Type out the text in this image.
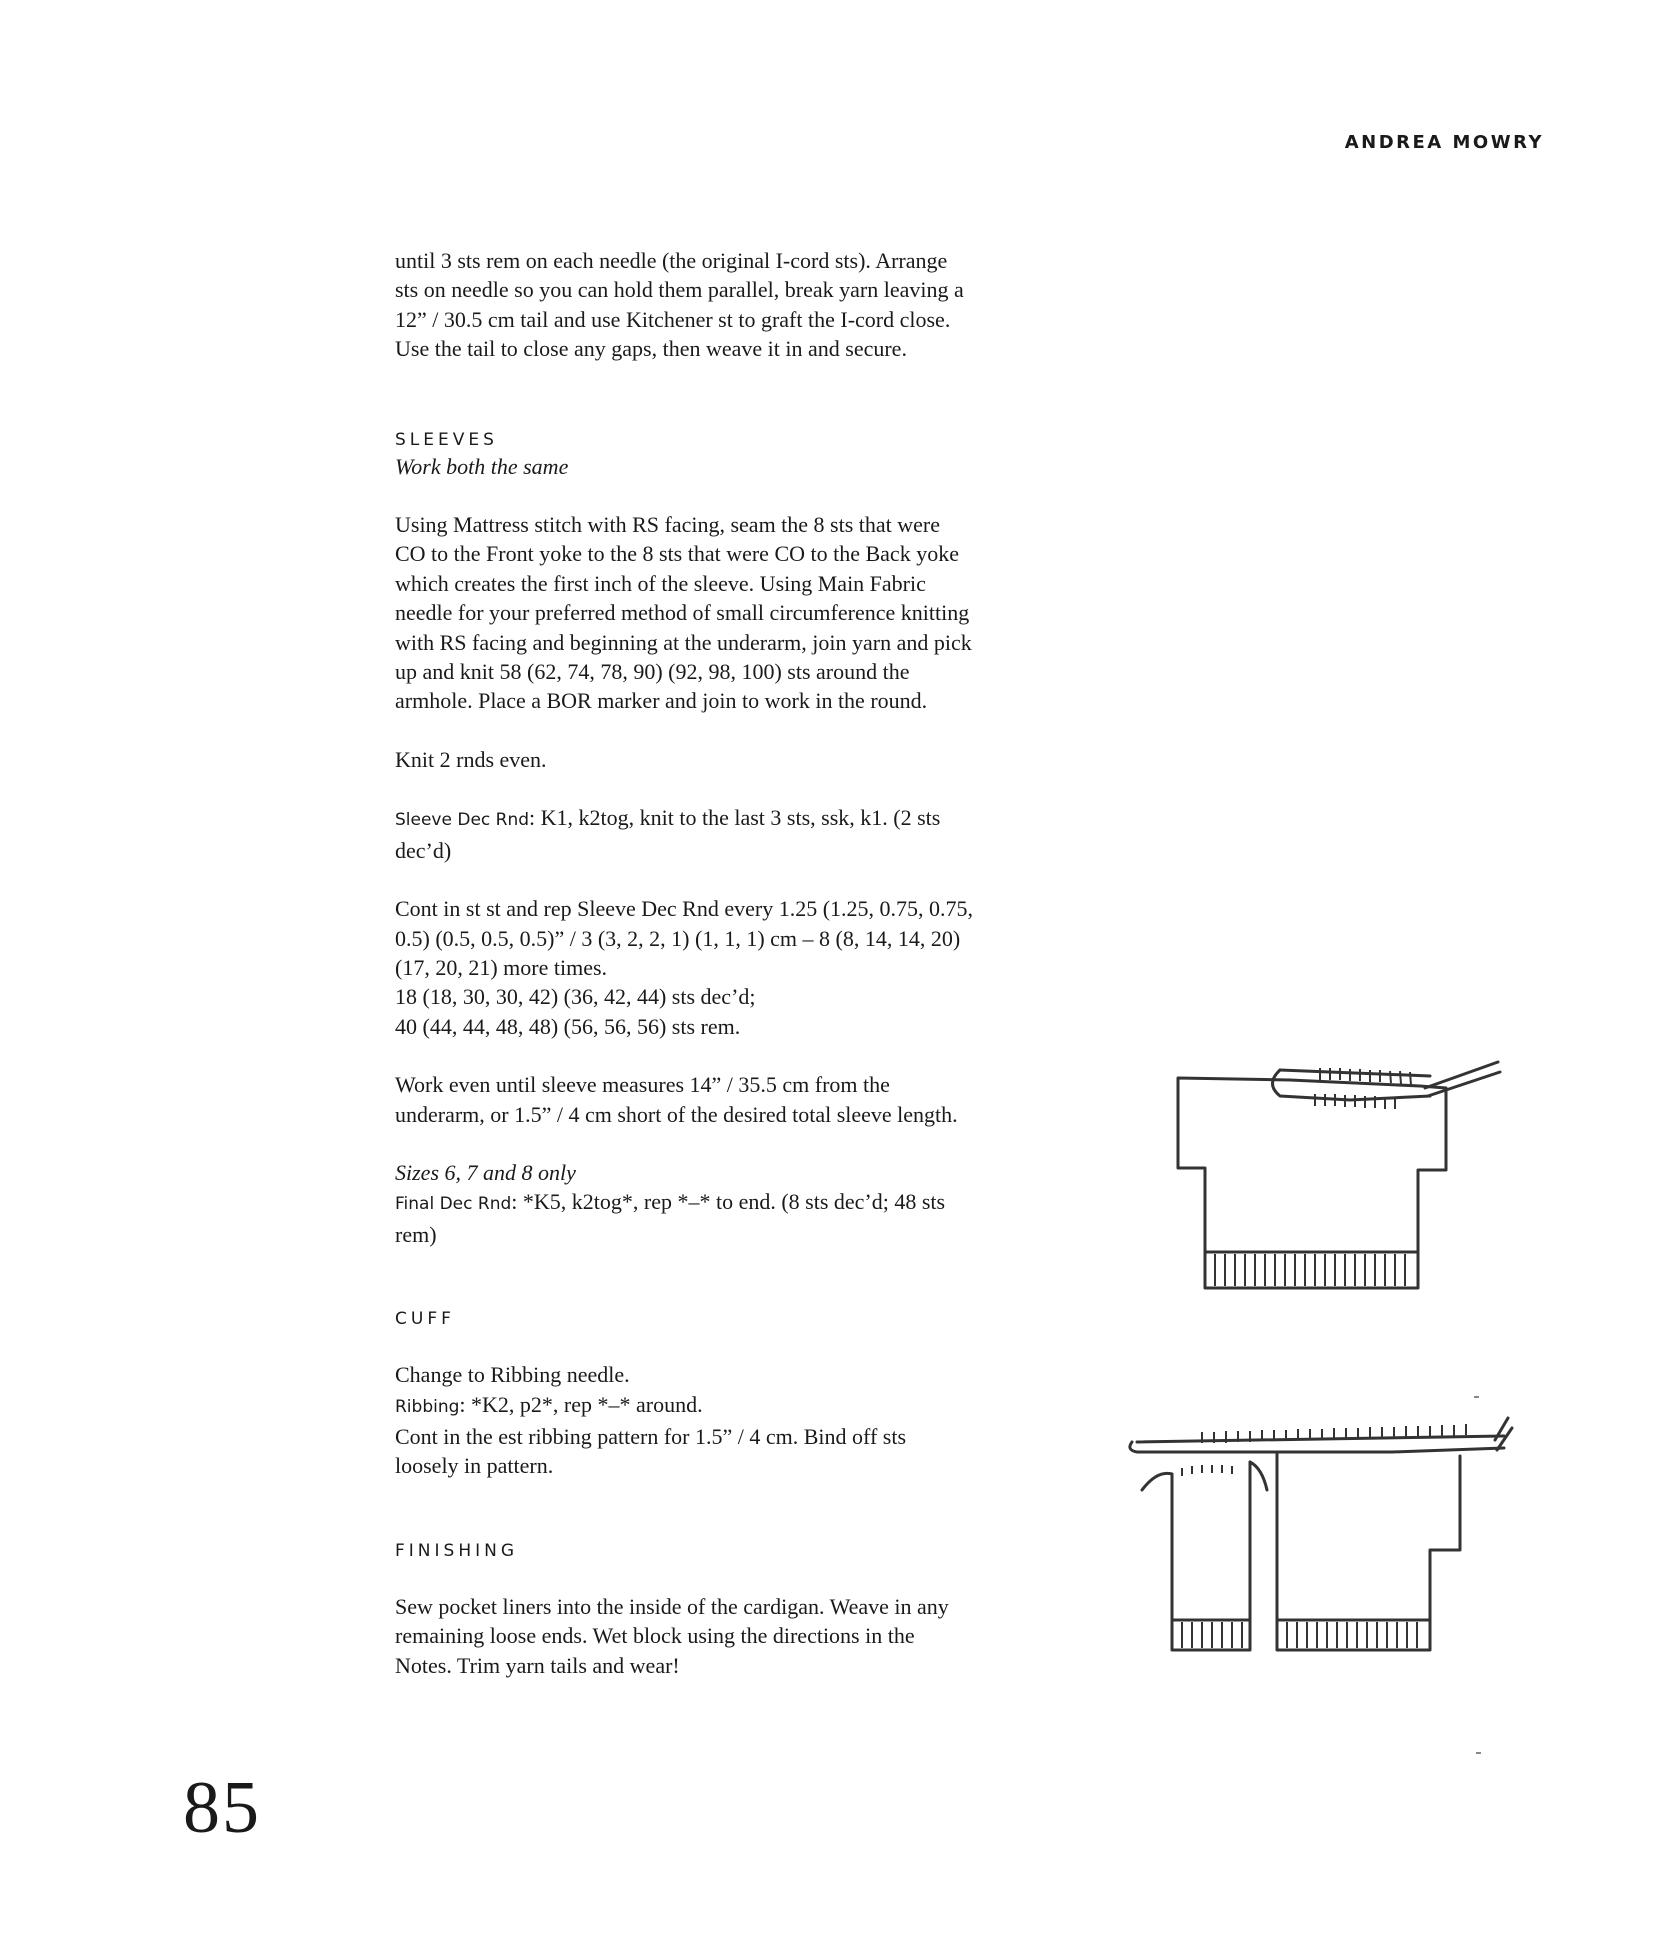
ANDREA MOWRY

until 3 sts rem on each needle (the original I-cord sts). Arrange sts on needle so you can hold them parallel, break yarn leaving a 12” / 30.5 cm tail and use Kitchener st to graft the I-cord close. Use the tail to close any gaps, then weave it in and secure.

SLEEVES

Work both the same

Using Mattress stitch with RS facing, seam the 8 sts that were CO to the Front yoke to the 8 sts that were CO to the Back yoke which creates the first inch of the sleeve. Using Main Fabric needle for your preferred method of small circumference knitting with RS facing and beginning at the underarm, join yarn and pick up and knit 58 (62, 74, 78, 90) (92, 98, 100) sts around the armhole. Place a BOR marker and join to work in the round.

Knit 2 rnds even.

Sleeve Dec Rnd: K1, k2tog, knit to the last 3 sts, ssk, k1. (2 sts dec’d)

Cont in st st and rep Sleeve Dec Rnd every 1.25 (1.25, 0.75, 0.75, 0.5) (0.5, 0.5, 0.5)” / 3 (3, 2, 2, 1) (1, 1, 1) cm – 8 (8, 14, 14, 20) (17, 20, 21) more times.

18 (18, 30, 30, 42) (36, 42, 44) sts dec’d;

40 (44, 44, 48, 48) (56, 56, 56) sts rem.

Work even until sleeve measures 14” / 35.5 cm from the underarm, or 1.5” / 4 cm short of the desired total sleeve length.

Sizes 6, 7 and 8 only

Final Dec Rnd: *K5, k2tog*, rep *–* to end. (8 sts dec’d; 48 sts rem)

CUFF

Change to Ribbing needle.

Ribbing: *K2, p2*, rep *–* around.

Cont in the est ribbing pattern for 1.5” / 4 cm. Bind off sts loosely in pattern.

FINISHING

Sew pocket liners into the inside of the cardigan. Weave in any remaining loose ends. Wet block using the directions in the Notes. Trim yarn tails and wear!

85
